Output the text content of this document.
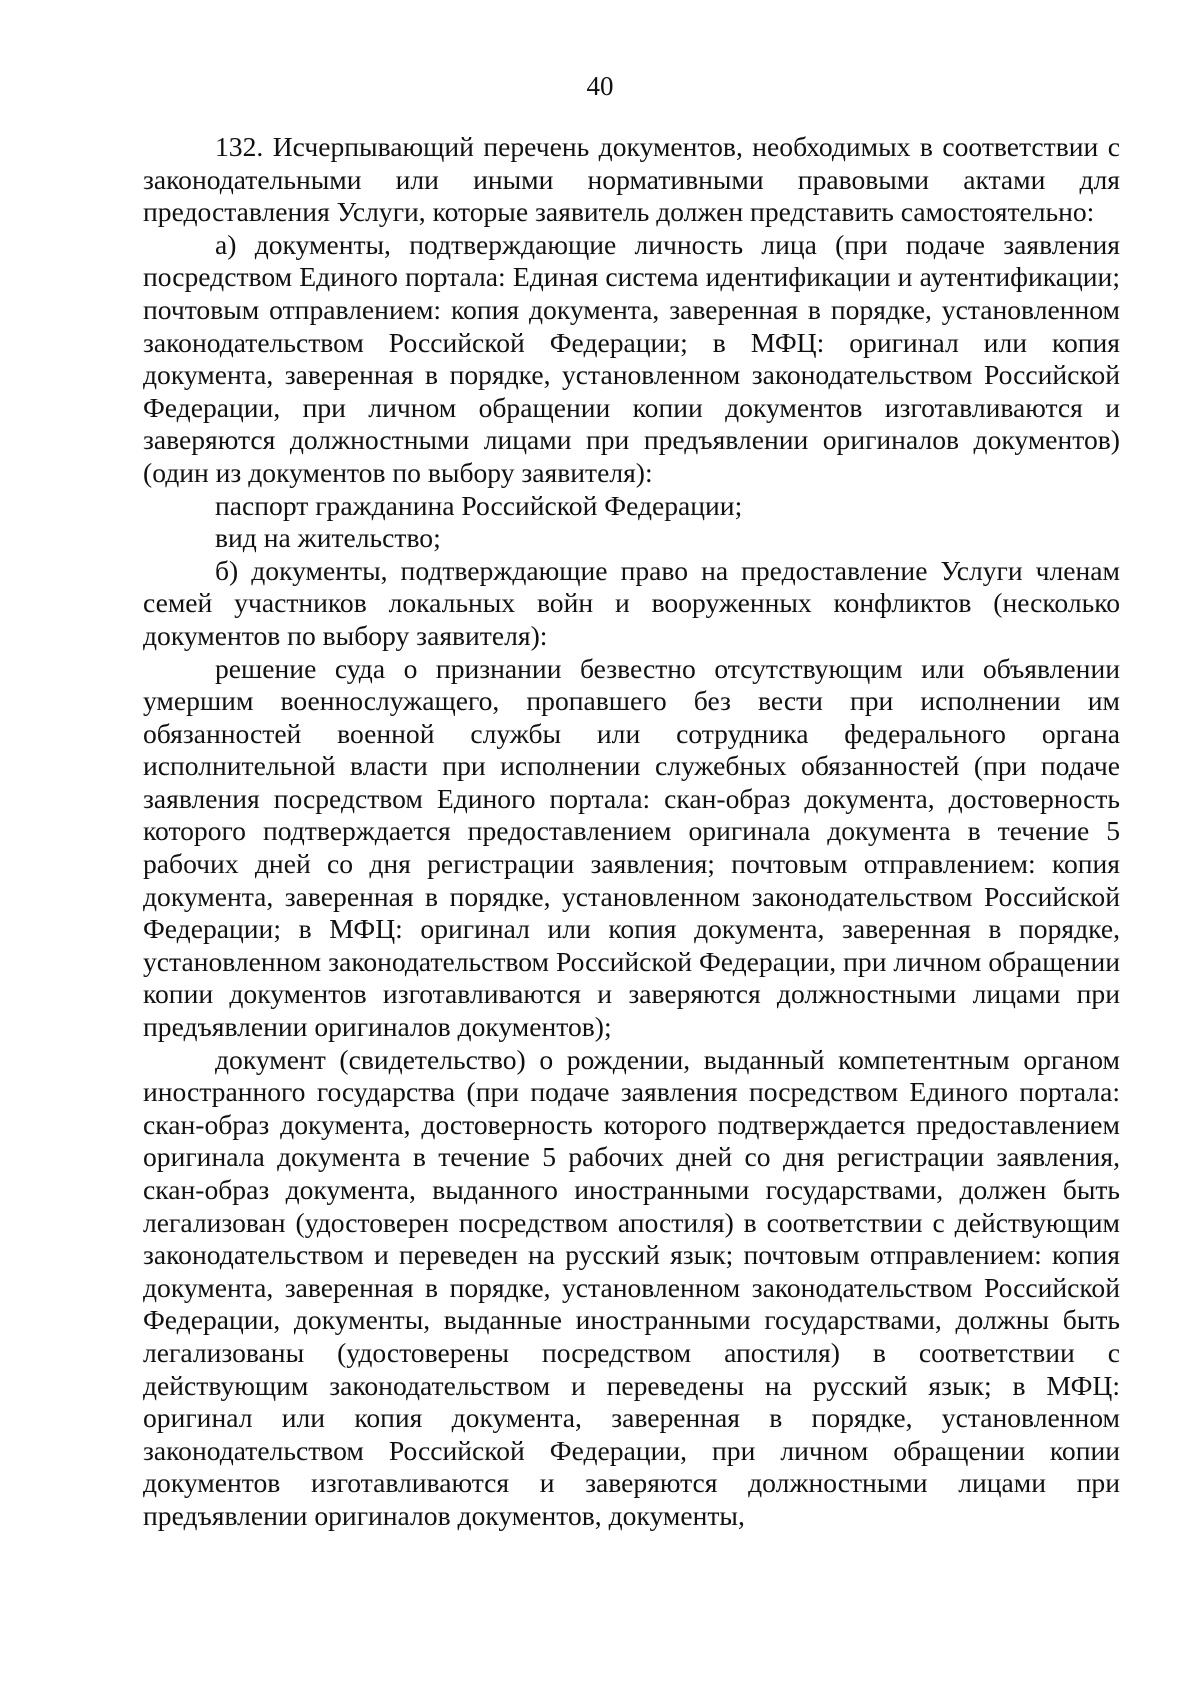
40

132. Исчерпывающий перечень документов, необходимых в соответствии с законодательными или иными нормативными правовыми актами для предоставления Услуги, которые заявитель должен представить самостоятельно:

а) документы, подтверждающие личность лица (при подаче заявления посредством Единого портала: Единая система идентификации и аутентификации; почтовым отправлением: копия документа, заверенная в порядке, установленном законодательством Российской Федерации; в МФЦ: оригинал или копия документа, заверенная в порядке, установленном законодательством Российской Федерации, при личном обращении копии документов изготавливаются и заверяются должностными лицами при предъявлении оригиналов документов) (один из документов по выбору заявителя):

паспорт гражданина Российской Федерации;

вид на жительство;

б) документы, подтверждающие право на предоставление Услуги членам семей участников локальных войн и вооруженных конфликтов (несколько документов по выбору заявителя):

решение суда о признании безвестно отсутствующим или объявлении умершим военнослужащего, пропавшего без вести при исполнении им обязанностей военной службы или сотрудника федерального органа исполнительной власти при исполнении служебных обязанностей (при подаче заявления посредством Единого портала: скан-образ документа, достоверность которого подтверждается предоставлением оригинала документа в течение 5 рабочих дней со дня регистрации заявления; почтовым отправлением: копия документа, заверенная в порядке, установленном законодательством Российской Федерации; в МФЦ: оригинал или копия документа, заверенная в порядке, установленном законодательством Российской Федерации, при личном обращении копии документов изготавливаются и заверяются должностными лицами при предъявлении оригиналов документов);

документ (свидетельство) о рождении, выданный компетентным органом иностранного государства (при подаче заявления посредством Единого портала: скан-образ документа, достоверность которого подтверждается предоставлением оригинала документа в течение 5 рабочих дней со дня регистрации заявления, скан-образ документа, выданного иностранными государствами, должен быть легализован (удостоверен посредством апостиля) в соответствии с действующим законодательством и переведен на русский язык; почтовым отправлением: копия документа, заверенная в порядке, установленном законодательством Российской Федерации, документы, выданные иностранными государствами, должны быть легализованы (удостоверены посредством апостиля) в соответствии с действующим законодательством и переведены на русский язык; в МФЦ: оригинал или копия документа, заверенная в порядке, установленном законодательством Российской Федерации, при личном обращении копии документов изготавливаются и заверяются должностными лицами при предъявлении оригиналов документов, документы,
